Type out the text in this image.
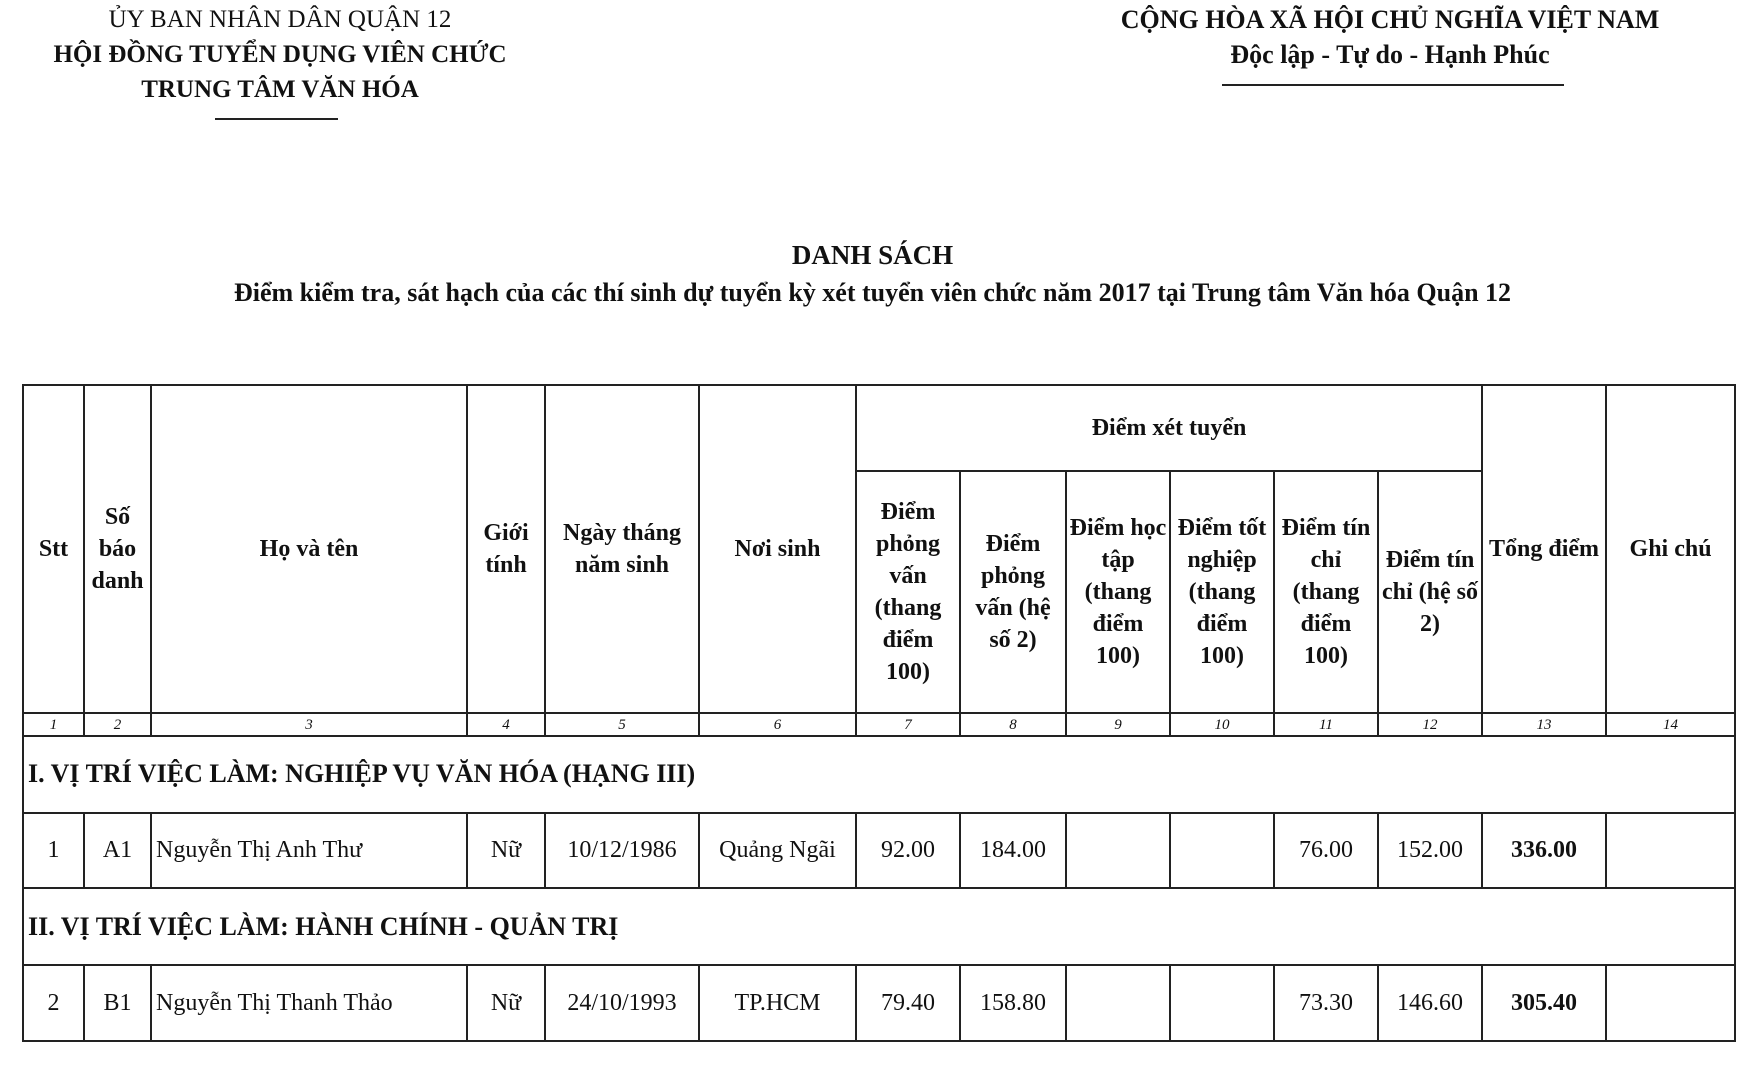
ỦY BAN NHÂN DÂN QUẬN 12
HỘI ĐỒNG TUYỂN DỤNG VIÊN CHỨC
TRUNG TÂM VĂN HÓA
CỘNG HÒA XÃ HỘI CHỦ NGHĨA VIỆT NAM
Độc lập - Tự do - Hạnh Phúc
DANH SÁCH
Điểm kiểm tra, sát hạch của các thí sinh dự tuyển kỳ xét tuyển viên chức năm 2017 tại Trung tâm Văn hóa Quận 12
Stt	Số báo danh	Họ và tên	Giới tính	Ngày tháng năm sinh	Nơi sinh	Điểm xét tuyển						Tổng điểm	Ghi chú
						Điểm phỏng vấn (thang điểm 100)	Điểm phỏng vấn (hệ số 2)	Điểm học tập (thang điểm 100)	Điểm tốt nghiệp (thang điểm 100)	Điểm tín chỉ (thang điểm 100)	Điểm tín chỉ (hệ số 2)		
1	2	3	4	5	6	7	8	9	10	11	12	13	14
I. VỊ TRÍ VIỆC LÀM: NGHIỆP VỤ VĂN HÓA (HẠNG III)													
1	A1	Nguyễn Thị Anh Thư	Nữ	10/12/1986	Quảng Ngãi	92.00	184.00			76.00	152.00	336.00	
II. VỊ TRÍ VIỆC LÀM: HÀNH CHÍNH - QUẢN TRỊ													
2	B1	Nguyễn Thị Thanh Thảo	Nữ	24/10/1993	TP.HCM	79.40	158.80			73.30	146.60	305.40	
